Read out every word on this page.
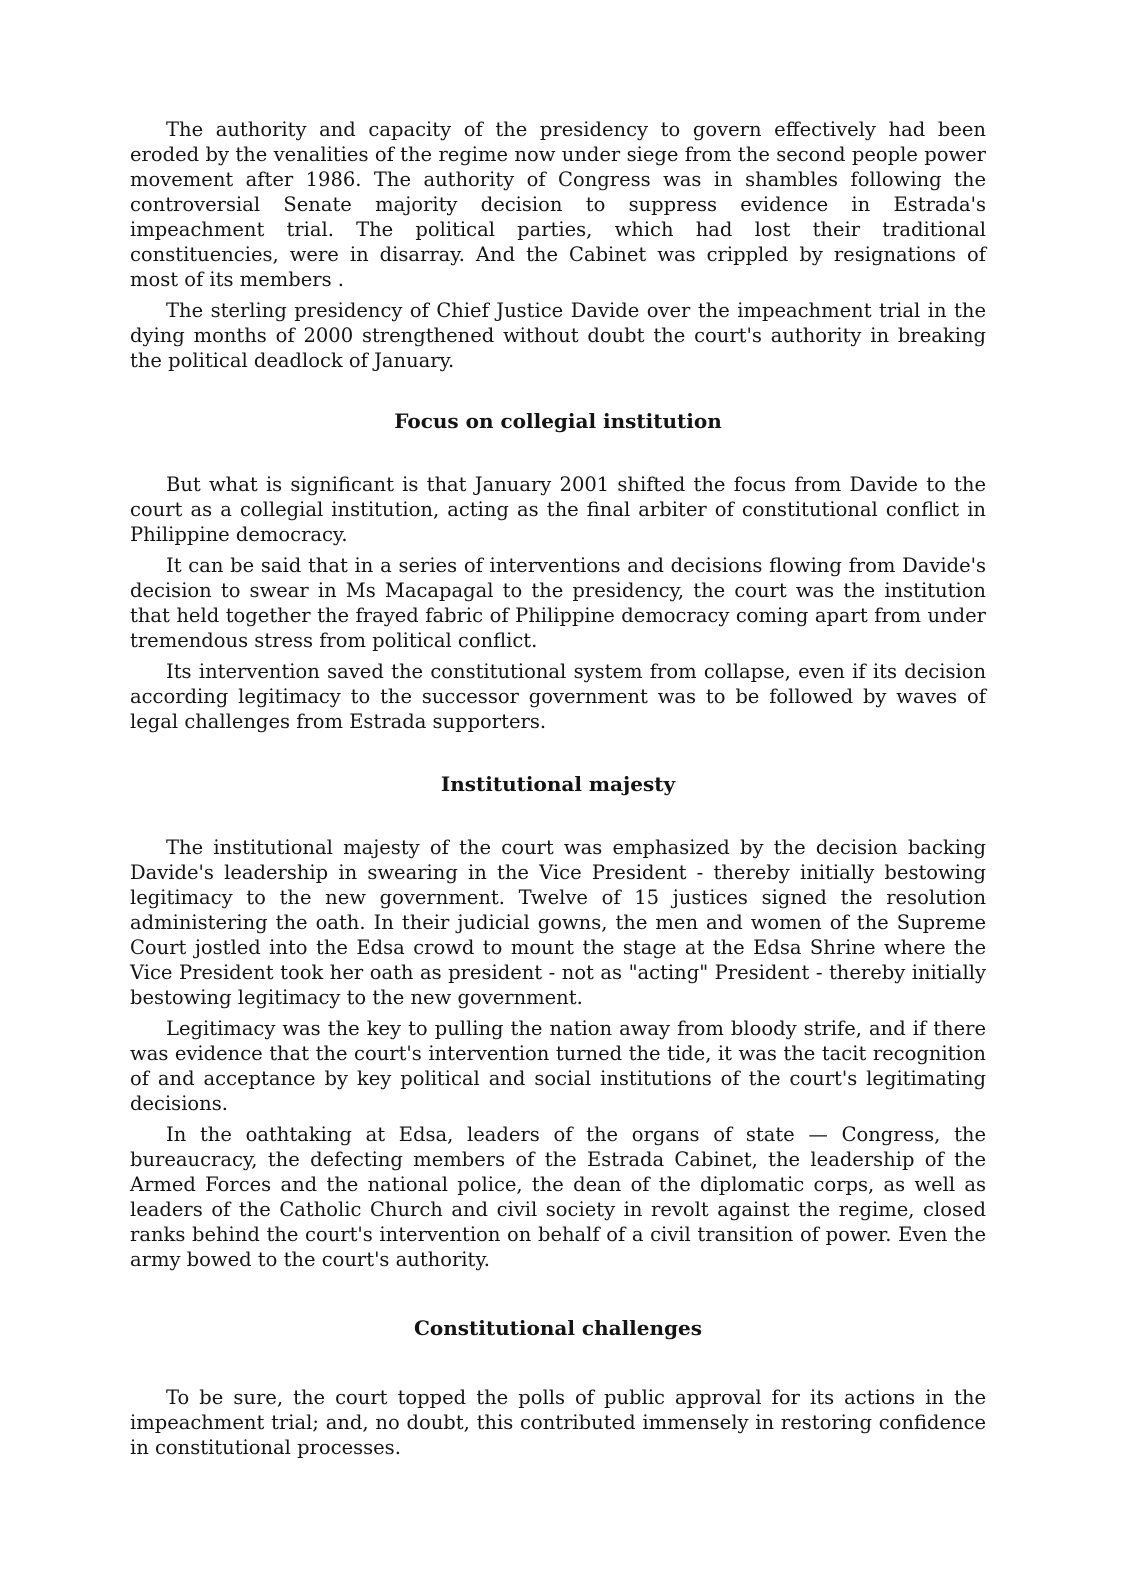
The authority and capacity of the presidency to govern effectively had been eroded by the venalities of the regime now under siege from the second people power movement after 1986. The authority of Congress was in shambles following the controversial Senate majority decision to suppress evidence in Estrada's impeachment trial. The political parties, which had lost their traditional constituencies, were in disarray. And the Cabinet was crippled by resignations of most of its members .

The sterling presidency of Chief Justice Davide over the impeachment trial in the dying months of 2000 strengthened without doubt the court's authority in breaking the political deadlock of January.

Focus on collegial institution

But what is significant is that January 2001 shifted the focus from Davide to the court as a collegial institution, acting as the final arbiter of constitutional conflict in Philippine democracy.

It can be said that in a series of interventions and decisions flowing from Davide's decision to swear in Ms Macapagal to the presidency, the court was the institution that held together the frayed fabric of Philippine democracy coming apart from under tremendous stress from political conflict.

Its intervention saved the constitutional system from collapse, even if its decision according legitimacy to the successor government was to be followed by waves of legal challenges from Estrada supporters.

Institutional majesty

The institutional majesty of the court was emphasized by the decision backing Davide's leadership in swearing in the Vice President - thereby initially bestowing legitimacy to the new government. Twelve of 15 justices signed the resolution administering the oath. In their judicial gowns, the men and women of the Supreme Court jostled into the Edsa crowd to mount the stage at the Edsa Shrine where the Vice President took her oath as president - not as "acting" President - thereby initially bestowing legitimacy to the new government.

Legitimacy was the key to pulling the nation away from bloody strife, and if there was evidence that the court's intervention turned the tide, it was the tacit recognition of and acceptance by key political and social institutions of the court's legitimating decisions.

In the oathtaking at Edsa, leaders of the organs of state — Congress, the bureaucracy, the defecting members of the Estrada Cabinet, the leadership of the Armed Forces and the national police, the dean of the diplomatic corps, as well as leaders of the Catholic Church and civil society in revolt against the regime, closed ranks behind the court's intervention on behalf of a civil transition of power. Even the army bowed to the court's authority.

Constitutional challenges

To be sure, the court topped the polls of public approval for its actions in the impeachment trial; and, no doubt, this contributed immensely in restoring confidence in constitutional processes.
